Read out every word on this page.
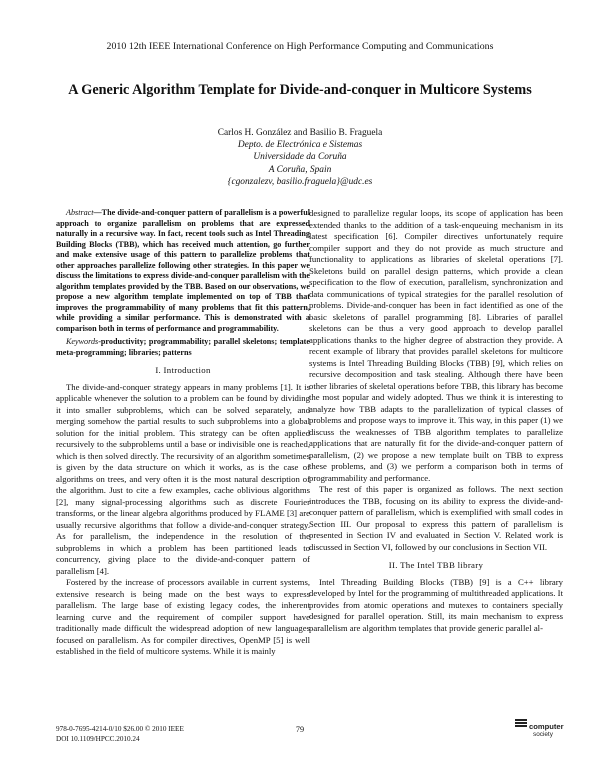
2010 12th IEEE International Conference on High Performance Computing and Communications
A Generic Algorithm Template for Divide-and-conquer in Multicore Systems
Carlos H. González and Basilio B. Fraguela
Depto. de Electrónica e Sistemas
Universidade da Coruña
A Coruña, Spain
{cgonzalezv, basilio.fraguela}@udc.es

Abstract—The divide-and-conquer pattern of parallelism is a powerful approach to organize parallelism on problems that are expressed naturally in a recursive way. In fact, recent tools such as Intel Threading Building Blocks (TBB), which has received much attention, go further and make extensive usage of this pattern to parallelize problems that other approaches parallelize following other strategies. In this paper we discuss the limitations to express divide-and-conquer parallelism with the algorithm templates provided by the TBB. Based on our observations, we propose a new algorithm template implemented on top of TBB that improves the programmability of many problems that fit this pattern, while providing a similar performance. This is demonstrated with a comparison both in terms of performance and programmability.

Keywords-productivity; programmability; parallel skeletons; template meta-programming; libraries; patterns

I. Introduction

The divide-and-conquer strategy appears in many problems [1]. It is applicable whenever the solution to a problem can be found by dividing it into smaller subproblems, which can be solved separately, and merging somehow the partial results to such subproblems into a global solution for the initial problem. This strategy can be often applied recursively to the subproblems until a base or indivisible one is reached, which is then solved directly. The recursivity of an algorithm sometimes is given by the data structure on which it works, as is the case of algorithms on trees, and very often it is the most natural description of the algorithm. Just to cite a few examples, cache oblivious algorithms [2], many signal-processing algorithms such as discrete Fourier transforms, or the linear algebra algorithms produced by FLAME [3] are usually recursive algorithms that follow a divide-and-conquer strategy. As for parallelism, the independence in the resolution of the subproblems in which a problem has been partitioned leads to concurrency, giving place to the divide-and-conquer pattern of parallelism [4].

Fostered by the increase of processors available in current systems, extensive research is being made on the best ways to express parallelism. The large base of existing legacy codes, the inherent learning curve and the requirement of compiler support have traditionally made difficult the widespread adoption of new languages focused on parallelism. As for compiler directives, OpenMP [5] is well established in the field of multicore systems. While it is mainly

designed to parallelize regular loops, its scope of application has been extended thanks to the addition of a task-enqueuing mechanism in its latest specification [6]. Compiler directives unfortunately require compiler support and they do not provide as much structure and functionality to applications as libraries of skeletal operations [7]. Skeletons build on parallel design patterns, which provide a clean specification to the flow of execution, parallelism, synchronization and data communications of typical strategies for the parallel resolution of problems. Divide-and-conquer has been in fact identified as one of the basic skeletons of parallel programming [8]. Libraries of parallel skeletons can be thus a very good approach to develop parallel applications thanks to the higher degree of abstraction they provide. A recent example of library that provides parallel skeletons for multicore systems is Intel Threading Building Blocks (TBB) [9], which relies on recursive decomposition and task stealing. Although there have been other libraries of skeletal operations before TBB, this library has become the most popular and widely adopted. Thus we think it is interesting to analyze how TBB adapts to the parallelization of typical classes of problems and propose ways to improve it. This way, in this paper (1) we discuss the weaknesses of TBB algorithm templates to parallelize applications that are naturally fit for the divide-and-conquer pattern of parallelism, (2) we propose a new template built on TBB to express these problems, and (3) we perform a comparison both in terms of programmability and performance.

The rest of this paper is organized as follows. The next section introduces the TBB, focusing on its ability to express the divide-and-conquer pattern of parallelism, which is exemplified with small codes in Section III. Our proposal to express this pattern of parallelism is presented in Section IV and evaluated in Section V. Related work is discussed in Section VI, followed by our conclusions in Section VII.

II. The Intel TBB library

Intel Threading Building Blocks (TBB) [9] is a C++ library developed by Intel for the programming of multithreaded applications. It provides from atomic operations and mutexes to containers specially designed for parallel operation. Still, its main mechanism to express parallelism are algorithm templates that provide generic parallel al-

978-0-7695-4214-0/10 $26.00 © 2010 IEEE
DOI 10.1109/HPCC.2010.24
79	computer
society
